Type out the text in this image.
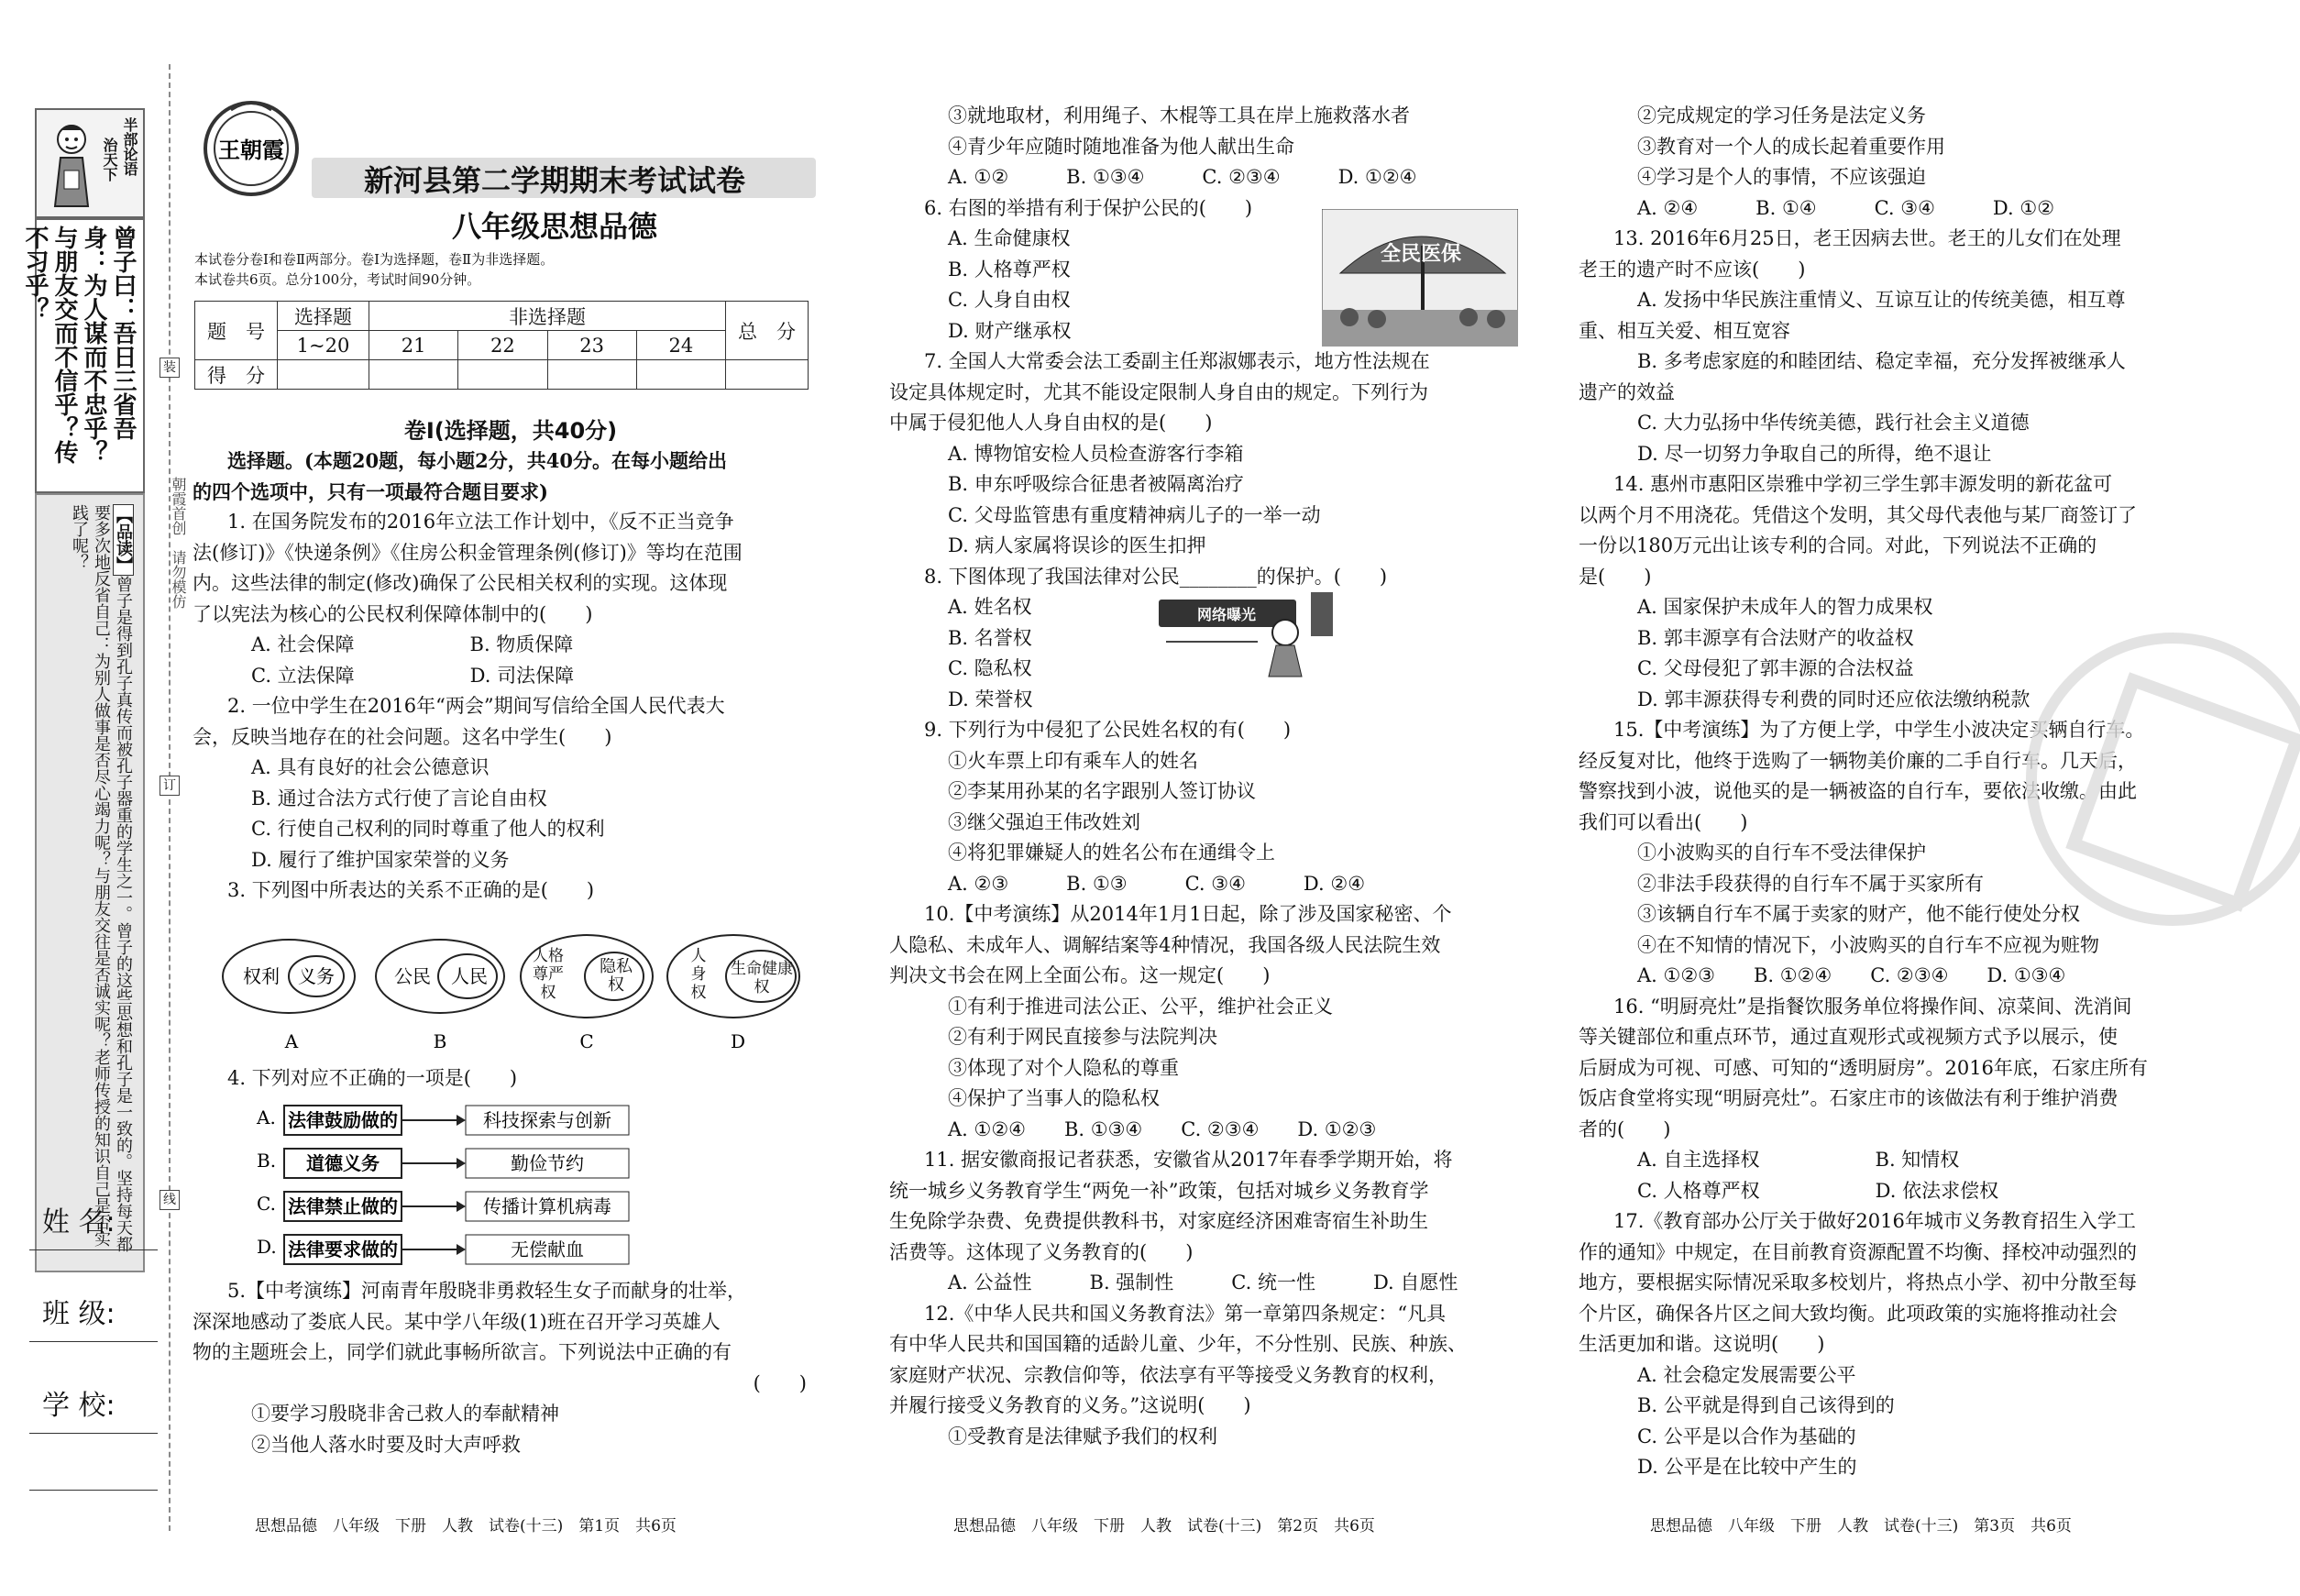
半部论语
治天下
曾子曰：吾日三省吾身：为人谋而不忠乎？与朋友交而不信乎？传不习乎？
【品读】曾子是得到孔子真传而被孔子器重的学生之一。曾子的这些思想和孔子是一致的。坚持每天都要多次地反省自己：为别人做事是否尽心竭力呢？与朋友交往是否诚实呢？老师传授的知识自己是否实践了呢？
姓 名:
班 级:
学 校:
朝霞首创　请勿模仿
装
订
线
王朝霞
新河县第二学期期末考试试卷
八年级思想品德

本试卷分卷Ⅰ和卷Ⅱ两部分。卷Ⅰ为选择题，卷Ⅱ为非选择题。

本试卷共6页。总分100分，考试时间90分钟。

题　号	选择题	非选择题				总　分
	1~20	21	22	23	24	
得　分						
卷Ⅰ(选择题，共40分)

选择题。(本题20题，每小题2分，共40分。在每小题给出

的四个选项中，只有一项最符合题目要求)

1. 在国务院发布的2016年立法工作计划中，《反不正当竞争

法(修订)》《快递条例》《住房公积金管理条例(修订)》等均在范围

内。这些法律的制定(修改)确保了公民相关权利的实现。这体现

了以宪法为核心的公民权利保障体制中的(　　)

A. 社会保障　　　　　　B. 物质保障

C. 立法保障　　　　　　D. 司法保障

2. 一位中学生在2016年“两会”期间写信给全国人民代表大

会，反映当地存在的社会问题。这名中学生(　　)

A. 具有良好的社会公德意识

B. 通过合法方式行使了言论自由权

C. 行使自己权利的同时尊重了他人的权利

D. 履行了维护国家荣誉的义务

3. 下列图中所表达的关系不正确的是(　　)

权利 义务
A
公民 人民
B
人格尊严权
隐私权
C
人身权
生命健康权
D

4. 下列对应不正确的一项是(　　)

A. 法律鼓励做的	科技探索与创新
B. 道德义务	勤俭节约
C. 法律禁止做的	传播计算机病毒
D. 法律要求做的	无偿献血

5.【中考演练】河南青年殷晓非勇救轻生女子而献身的壮举，

深深地感动了娄底人民。某中学八年级(1)班在召开学习英雄人

物的主题班会上，同学们就此事畅所欲言。下列说法中正确的有

(　　)

①要学习殷晓非舍己救人的奉献精神

②当他人落水时要及时大声呼救

③就地取材，利用绳子、木棍等工具在岸上施救落水者

④青少年应随时随地准备为他人献出生命

A. ①②　　　B. ①③④　　　C. ②③④　　　D. ①②④

6. 右图的举措有利于保护公民的(　　)

A. 生命健康权

B. 人格尊严权

C. 人身自由权

D. 财产继承权

7. 全国人大常委会法工委副主任郑淑娜表示，地方性法规在

设定具体规定时，尤其不能设定限制人身自由的规定。下列行为

中属于侵犯他人人身自由权的是(　　)

A. 博物馆安检人员检查游客行李箱

B. 申东呼吸综合征患者被隔离治疗

C. 父母监管患有重度精神病儿子的一举一动

D. 病人家属将误诊的医生扣押

8. 下图体现了我国法律对公民________的保护。(　　)

A. 姓名权

B. 名誉权

C. 隐私权

D. 荣誉权

9. 下列行为中侵犯了公民姓名权的有(　　)

①火车票上印有乘车人的姓名

②李某用孙某的名字跟别人签订协议

③继父强迫王伟改姓刘

④将犯罪嫌疑人的姓名公布在通缉令上

A. ②③　　　B. ①③　　　C. ③④　　　D. ②④

10.【中考演练】从2014年1月1日起，除了涉及国家秘密、个

人隐私、未成年人、调解结案等4种情况，我国各级人民法院生效

判决文书会在网上全面公布。这一规定(　　)

①有利于推进司法公正、公平，维护社会正义

②有利于网民直接参与法院判决

③体现了对个人隐私的尊重

④保护了当事人的隐私权

A. ①②④　　B. ①③④　　C. ②③④　　D. ①②③

11. 据安徽商报记者获悉，安徽省从2017年春季学期开始，将

统一城乡义务教育学生“两免一补”政策，包括对城乡义务教育学

生免除学杂费、免费提供教科书，对家庭经济困难寄宿生补助生

活费等。这体现了义务教育的(　　)

A. 公益性　　　B. 强制性　　　C. 统一性　　　D. 自愿性

12.《中华人民共和国义务教育法》第一章第四条规定：“凡具

有中华人民共和国国籍的适龄儿童、少年，不分性别、民族、种族、

家庭财产状况、宗教信仰等，依法享有平等接受义务教育的权利，

并履行接受义务教育的义务。”这说明(　　)

①受教育是法律赋予我们的权利

全民医保
网络曝光

②完成规定的学习任务是法定义务

③教育对一个人的成长起着重要作用

④学习是个人的事情，不应该强迫

A. ②④　　　B. ①④　　　C. ③④　　　D. ①②

13. 2016年6月25日，老王因病去世。老王的儿女们在处理

老王的遗产时不应该(　　)

A. 发扬中华民族注重情义、互谅互让的传统美德，相互尊

重、相互关爱、相互宽容

B. 多考虑家庭的和睦团结、稳定幸福，充分发挥被继承人

遗产的效益

C. 大力弘扬中华传统美德，践行社会主义道德

D. 尽一切努力争取自己的所得，绝不退让

14. 惠州市惠阳区崇雅中学初三学生郭丰源发明的新花盆可

以两个月不用浇花。凭借这个发明，其父母代表他与某厂商签订了

一份以180万元出让该专利的合同。对此，下列说法不正确的

是(　　)

A. 国家保护未成年人的智力成果权

B. 郭丰源享有合法财产的收益权

C. 父母侵犯了郭丰源的合法权益

D. 郭丰源获得专利费的同时还应依法缴纳税款

15.【中考演练】为了方便上学，中学生小波决定买辆自行车。

经反复对比，他终于选购了一辆物美价廉的二手自行车。几天后，

警察找到小波，说他买的是一辆被盗的自行车，要依法收缴。由此

我们可以看出(　　)

①小波购买的自行车不受法律保护

②非法手段获得的自行车不属于买家所有

③该辆自行车不属于卖家的财产，他不能行使处分权

④在不知情的情况下，小波购买的自行车不应视为赃物

A. ①②③　　B. ①②④　　C. ②③④　　D. ①③④

16. “明厨亮灶”是指餐饮服务单位将操作间、凉菜间、洗消间

等关键部位和重点环节，通过直观形式或视频方式予以展示，使

后厨成为可视、可感、可知的“透明厨房”。2016年底，石家庄所有

饭店食堂将实现“明厨亮灶”。石家庄市的该做法有利于维护消费

者的(　　)

A. 自主选择权　　　　　　B. 知情权

C. 人格尊严权　　　　　　D. 依法求偿权

17.《教育部办公厅关于做好2016年城市义务教育招生入学工

作的通知》中规定，在目前教育资源配置不均衡、择校冲动强烈的

地方，要根据实际情况采取多校划片，将热点小学、初中分散至每

个片区，确保各片区之间大致均衡。此项政策的实施将推动社会

生活更加和谐。这说明(　　)

A. 社会稳定发展需要公平

B. 公平就是得到自己该得到的

C. 公平是以合作为基础的

D. 公平是在比较中产生的

思想品德　八年级　下册　人教　试卷(十三)　第1页　共6页	思想品德　八年级　下册　人教　试卷(十三)　第2页　共6页	思想品德　八年级　下册　人教　试卷(十三)　第3页　共6页
